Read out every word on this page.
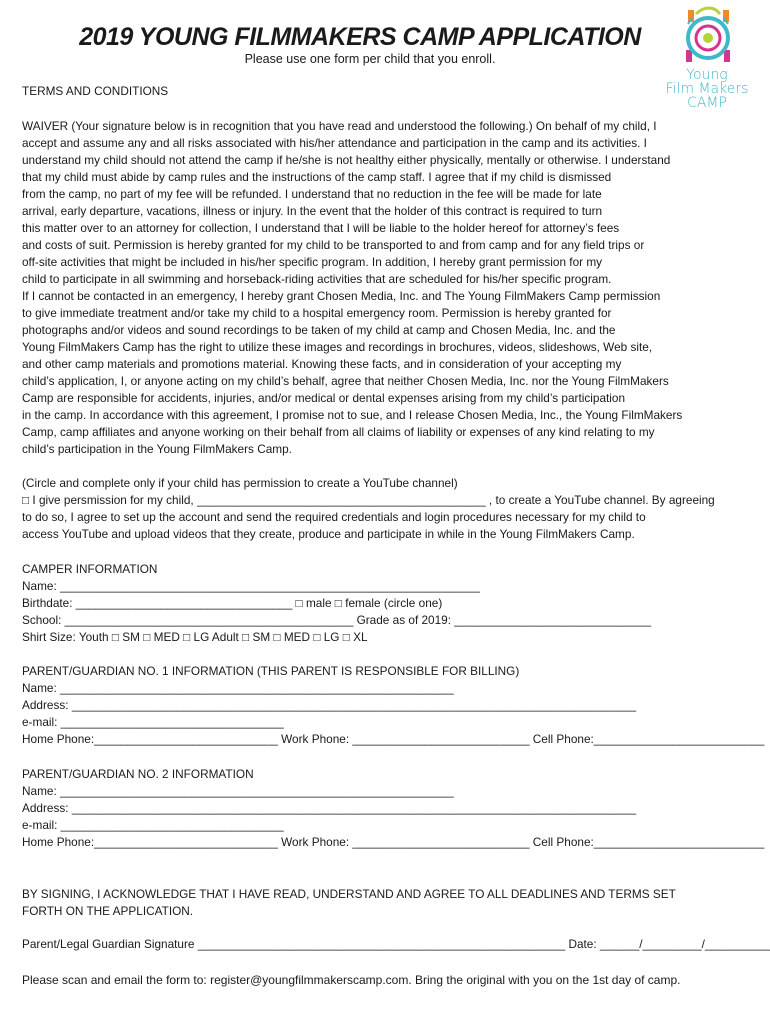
2019 YOUNG FILMMAKERS CAMP APPLICATION
Please use one form per child that you enroll.
Young
Film Makers
CAMP
TERMS AND CONDITIONS
WAIVER (Your signature below is in recognition that you have read and understood the following.) On behalf of my child, I
accept and assume any and all risks associated with his/her attendance and participation in the camp and its activities. I
understand my child should not attend the camp if he/she is not healthy either physically, mentally or otherwise. I understand
that my child must abide by camp rules and the instructions of the camp staff. I agree that if my child is dismissed
from the camp, no part of my fee will be refunded. I understand that no reduction in the fee will be made for late
arrival, early departure, vacations, illness or injury. In the event that the holder of this contract is required to turn
this matter over to an attorney for collection, I understand that I will be liable to the holder hereof for attorney’s fees
and costs of suit. Permission is hereby granted for my child to be transported to and from camp and for any field trips or
off-site activities that might be included in his/her specific program. In addition, I hereby grant permission for my
child to participate in all swimming and horseback-riding activities that are scheduled for his/her specific program.
If I cannot be contacted in an emergency, I hereby grant Chosen Media, Inc. and The Young FilmMakers Camp permission
to give immediate treatment and/or take my child to a hospital emergency room. Permission is hereby granted for
photographs and/or videos and sound recordings to be taken of my child at camp and Chosen Media, Inc. and the
Young FilmMakers Camp has the right to utilize these images and recordings in brochures, videos, slideshows, Web site,
and other camp materials and promotions material. Knowing these facts, and in consideration of your accepting my
child’s application, I, or anyone acting on my child’s behalf, agree that neither Chosen Media, Inc. nor the Young FilmMakers
Camp are responsible for accidents, injuries, and/or medical or dental expenses arising from my child’s participation
in the camp. In accordance with this agreement, I promise not to sue, and I release Chosen Media, Inc., the Young FilmMakers
Camp, camp affiliates and anyone working on their behalf from all claims of liability or expenses of any kind relating to my
child’s participation in the Young FilmMakers Camp.
(Circle and complete only if your child has permission to create a YouTube channel)
□ I give persmission for my child, ____________________________________________ , to create a YouTube channel. By agreeing
to do so, I agree to set up the account and send the required credentials and login procedures necessary for my child to
access YouTube and upload videos that they create, produce and participate in while in the Young FilmMakers Camp.
CAMPER INFORMATION
Name: ________________________________________________________________
Birthdate: _________________________________ □ male □ female (circle one)
School: ____________________________________________ Grade as of 2019: ______________________________
Shirt Size: Youth □ SM □ MED □ LG Adult □ SM □ MED □ LG □ XL
PARENT/GUARDIAN NO. 1 INFORMATION (THIS PARENT IS RESPONSIBLE FOR BILLING)
Name: ____________________________________________________________
Address: ______________________________________________________________________________________
e-mail: __________________________________
Home Phone:____________________________ Work Phone: ___________________________ Cell Phone:__________________________
PARENT/GUARDIAN NO. 2 INFORMATION
Name: ____________________________________________________________
Address: ______________________________________________________________________________________
e-mail: __________________________________
Home Phone:____________________________ Work Phone: ___________________________ Cell Phone:__________________________
BY SIGNING, I ACKNOWLEDGE THAT I HAVE READ, UNDERSTAND AND AGREE TO ALL DEADLINES AND TERMS SET
FORTH ON THE APPLICATION.
Parent/Legal Guardian Signature ________________________________________________________ Date: ______/_________/__________
Please scan and email the form to: register@youngfilmmakerscamp.com. Bring the original with you on the 1st day of camp.
